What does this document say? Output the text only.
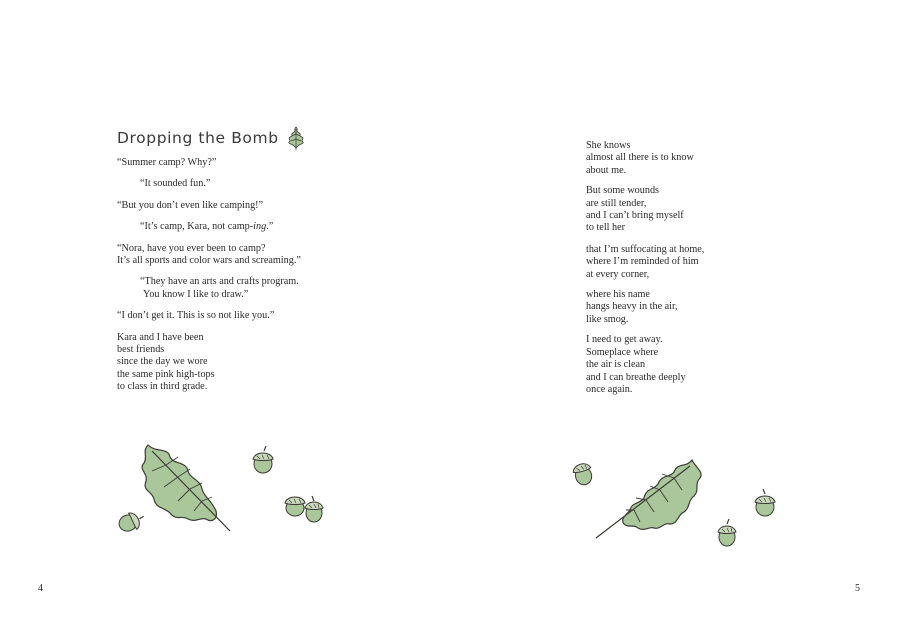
Dropping the Bomb
“Summer camp? Why?”
“It sounded fun.”
“But you don’t even like camping!”
“It’s camp, Kara, not camp-ing.”
“Nora, have you ever been to camp?
It’s all sports and color wars and screaming.”
“They have an arts and crafts program.
You know I like to draw.”
“I don’t get it. This is so not like you.”
Kara and I have been
best friends
since the day we wore
the same pink high-tops
to class in third grade.
4
She knows
almost all there is to know
about me.
But some wounds
are still tender,
and I can’t bring myself
to tell her
that I’m suffocating at home,
where I’m reminded of him
at every corner,
where his name
hangs heavy in the air,
like smog.
I need to get away.
Someplace where
the air is clean
and I can breathe deeply
once again.
5
